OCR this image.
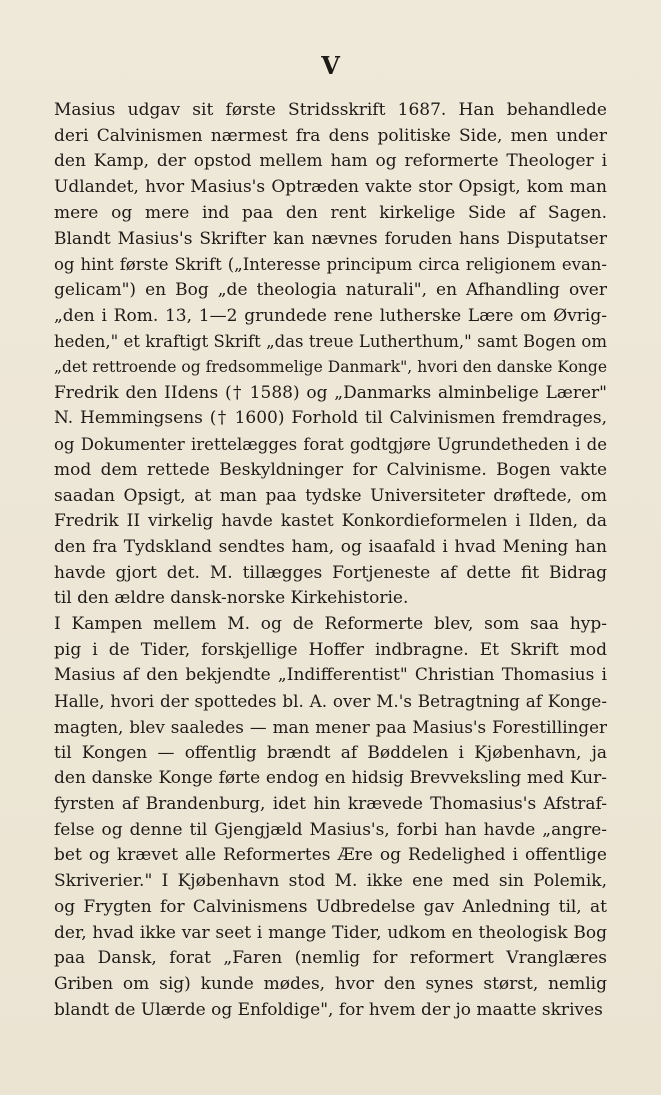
V
Masius udgav sit første Stridsskrift 1687. Han behandlede
deri Calvinismen nærmest fra dens politiske Side, men under
den Kamp, der opstod mellem ham og reformerte Theologer i
Udlandet, hvor Masius's Optræden vakte stor Opsigt, kom man
mere og mere ind paa den rent kirkelige Side af Sagen.
Blandt Masius's Skrifter kan nævnes foruden hans Disputatser
og hint første Skrift („Interesse principum circa religionem evan-
gelicam") en Bog „de theologia naturali", en Afhandling over
„den i Rom. 13, 1—2 grundede rene lutherske Lære om Øvrig-
heden," et kraftigt Skrift „das treue Lutherthum," samt Bogen om
„det rettroende og fredsommelige Danmark", hvori den danske Konge
Fredrik den IIdens († 1588) og „Danmarks alminbelige Lærer"
N. Hemmingsens († 1600) Forhold til Calvinismen fremdrages,
og Dokumenter irettelægges forat godtgjøre Ugrundetheden i de
mod dem rettede Beskyldninger for Calvinisme. Bogen vakte
saadan Opsigt, at man paa tydske Universiteter drøftede, om
Fredrik II virkelig havde kastet Konkordieformelen i Ilden, da
den fra Tydskland sendtes ham, og isaafald i hvad Mening han
havde gjort det. M. tillægges Fortjeneste af dette fit Bidrag
til den ældre dansk-norske Kirkehistorie.
I Kampen mellem M. og de Reformerte blev, som saa hyp-
pig i de Tider, forskjellige Hoffer indbragne. Et Skrift mod
Masius af den bekjendte „Indifferentist" Christian Thomasius i
Halle, hvori der spottedes bl. A. over M.'s Betragtning af Konge-
magten, blev saaledes — man mener paa Masius's Forestillinger
til Kongen — offentlig brændt af Bøddelen i Kjøbenhavn, ja
den danske Konge førte endog en hidsig Brevveksling med Kur-
fyrsten af Brandenburg, idet hin krævede Thomasius's Afstraf-
felse og denne til Gjengjæld Masius's, forbi han havde „angre-
bet og krævet alle Reformertes Ære og Redelighed i offentlige
Skriverier." I Kjøbenhavn stod M. ikke ene med sin Polemik,
og Frygten for Calvinismens Udbredelse gav Anledning til, at
der, hvad ikke var seet i mange Tider, udkom en theologisk Bog
paa Dansk, forat „Faren (nemlig for reformert Vranglæres
Griben om sig) kunde mødes, hvor den synes størst, nemlig
blandt de Ulærde og Enfoldige", for hvem der jo maatte skrives
